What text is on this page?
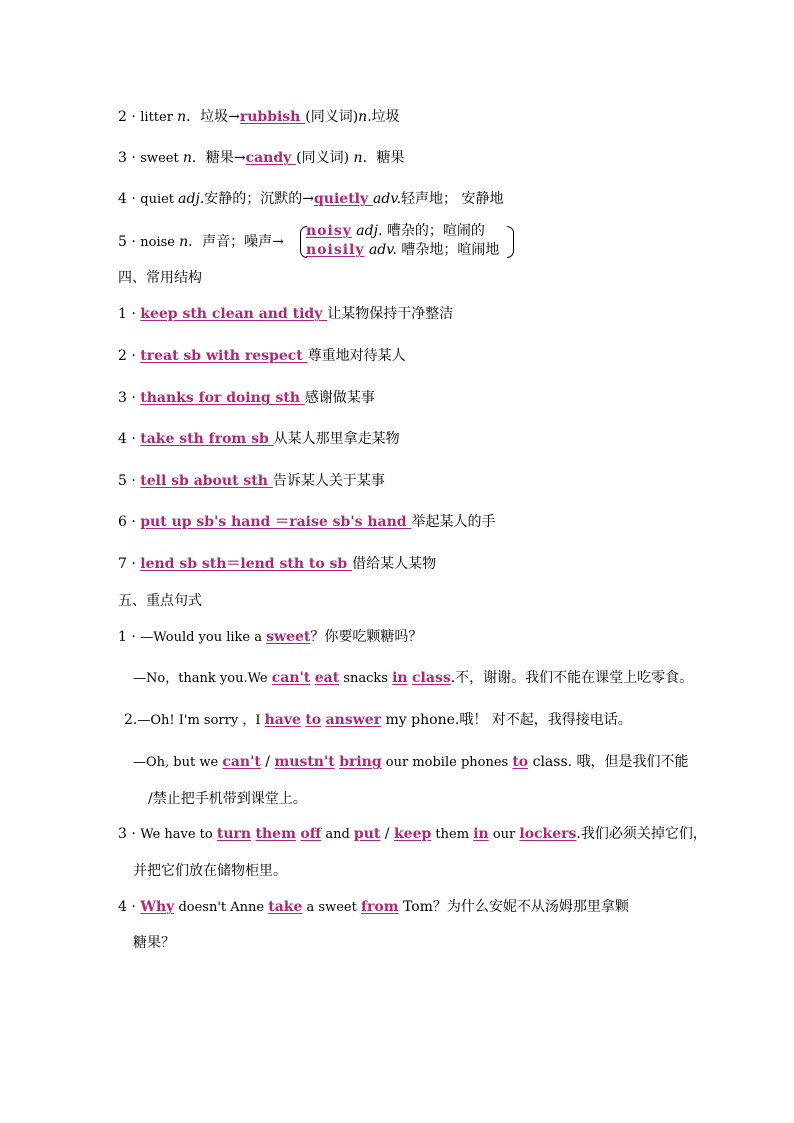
2 · litter n．垃圾→rubbish (同义词)n.垃圾
3 · sweet n．糖果→candy (同义词) n．糖果
4 · quiet adj.安静的；沉默的→quietly adv.轻声地； 安静地
5 · noise n．声音；噪声→
noisy adj. 嘈杂的；喧闹的
noisily adv. 嘈杂地；喧闹地
四、常用结构
1 · keep sth clean and tidy 让某物保持干净整洁
2 · treat sb with respect 尊重地对待某人
3 · thanks for doing sth 感谢做某事
4 · take sth from sb 从某人那里拿走某物
5 · tell sb about sth 告诉某人关于某事
6 · put up sb's hand ＝raise sb's hand 举起某人的手
7 · lend sb sth＝lend sth to sb 借给某人某物
五、重点句式
1 · —Would you like a sweet？你要吃颗糖吗？
—No，thank you.We can't eat snacks in class.不，谢谢。我们不能在课堂上吃零食。
2.—Oh! I'm sorry ，I have to answer my phone.哦！ 对不起，我得接电话。
—Oh, but we can't / mustn't bring our mobile phones to class. 哦，但是我们不能
/禁止把手机带到课堂上。
3 · We have to turn them off and put / keep them in our lockers.我们必须关掉它们，
并把它们放在储物柜里。
4 · Why doesn't Anne take a sweet from Tom？为什么安妮不从汤姆那里拿颗
糖果？
